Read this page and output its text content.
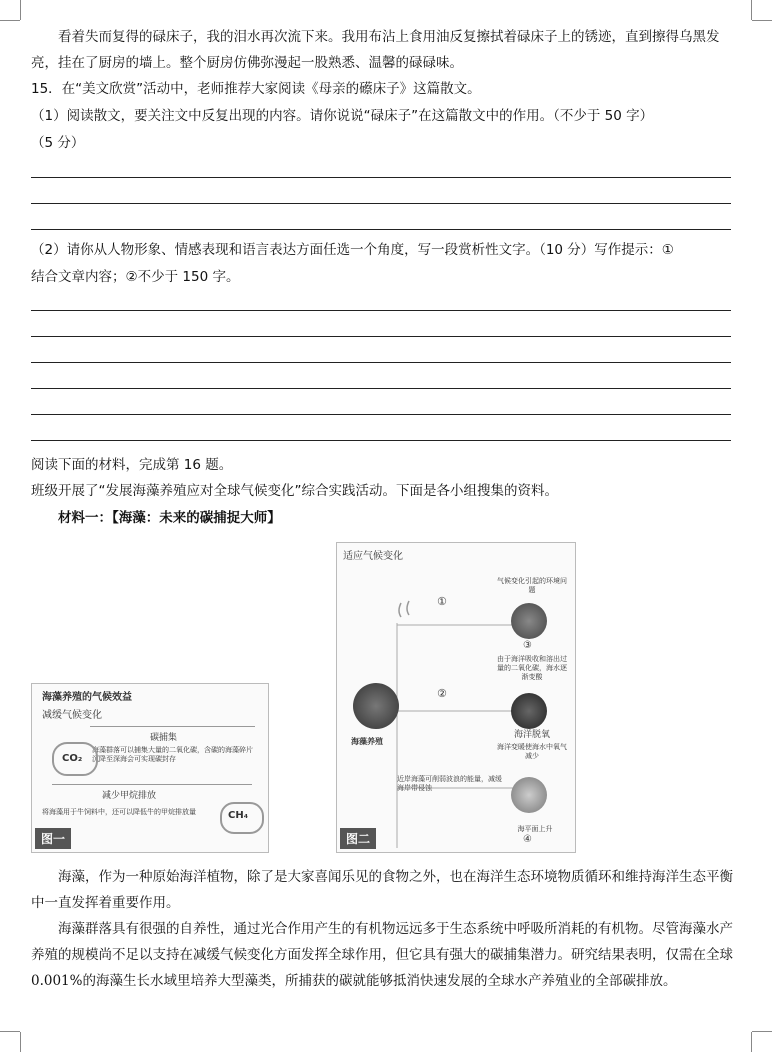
看着失而复得的碌床子，我的泪水再次流下来。我用布沾上食用油反复擦拭着碌床子上的锈迹，直到擦得乌黑发亮，挂在了厨房的墙上。整个厨房仿佛弥漫起一股熟悉、温馨的碌碌味。

15．在“美文欣赏”活动中，老师推荐大家阅读《母亲的礤床子》这篇散文。

（1）阅读散文，要关注文中反复出现的内容。请你说说“碌床子”在这篇散文中的作用。（不少于 50 字）

（5 分）

（2）请你从人物形象、情感表现和语言表达方面任选一个角度，写一段赏析性文字。（10 分）写作提示：①

结合文章内容；②不少于 150 字。

阅读下面的材料，完成第 16 题。

班级开展了“发展海藻养殖应对全球气候变化”综合实践活动。下面是各小组搜集的资料。

材料一：【海藻：未来的碳捕捉大师】

海藻养殖的气候效益
减缓气候变化
碳捕集
海藻群落可以捕集大量的二氧化碳，含碳的海藻碎片沉降至深海会可实现碳封存
CO₂
减少甲烷排放
将海藻用于牛饲料中，还可以降低牛的甲烷排放量	CH₄
图一
适应气候变化
海藻养殖
①
②
气候变化引起的环境问题
③
由于海洋吸收和溶出过量的二氧化碳，海水逐渐变酸
海洋脱氧
海洋变暖使海水中氧气减少
近岸海藻可削弱波浪的能量，减缓海岸带侵蚀
海平面上升
④
图二

海藻，作为一种原始海洋植物，除了是大家喜闻乐见的食物之外，也在海洋生态环境物质循环和维持海洋生态平衡中一直发挥着重要作用。

海藻群落具有很强的自养性，通过光合作用产生的有机物远远多于生态系统中呼吸所消耗的有机物。尽管海藻水产养殖的规模尚不足以支持在减缓气候变化方面发挥全球作用，但它具有强大的碳捕集潜力。研究结果表明，仅需在全球 0.001%的海藻生长水域里培养大型藻类，所捕获的碳就能够抵消快速发展的全球水产养殖业的全部碳排放。
